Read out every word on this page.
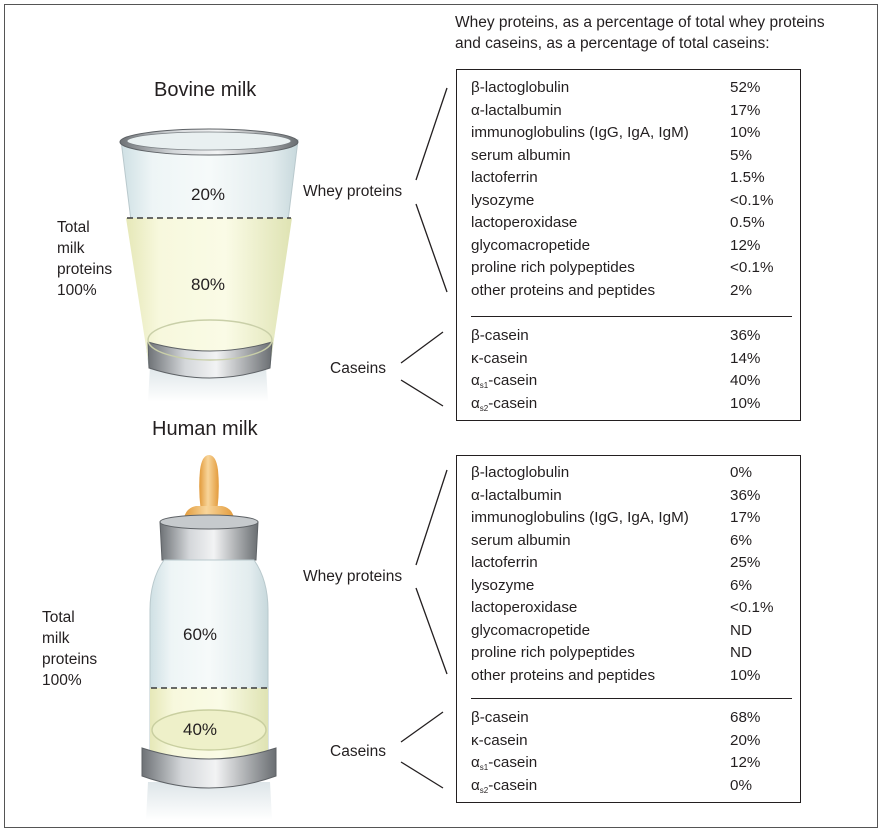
Whey proteins, as a percentage of total whey proteins
and caseins, as a percentage of total caseins:
Bovine milk
Total
milk
proteins
100%
20%
80%
Whey proteins
Caseins
Human milk
Total
milk
proteins
100%
60%
40%
Whey proteins
Caseins
β-lactoglobulin	52%
α-lactalbumin	17%
immunoglobulins (IgG, IgA, IgM)	10%
serum albumin	5%
lactoferrin	1.5%
lysozyme	<0.1%
lactoperoxidase	0.5%
glycomacropetide	12%
proline rich polypeptides	<0.1%
other proteins and peptides	2%
β-casein	36%
κ-casein	14%
$\alpha_{s1}$-casein	40%
$\alpha_{s2}$-casein	10%
β-lactoglobulin	0%
α-lactalbumin	36%
immunoglobulins (IgG, IgA, IgM)	17%
serum albumin	6%
lactoferrin	25%
lysozyme	6%
lactoperoxidase	<0.1%
glycomacropetide	ND
proline rich polypeptides	ND
other proteins and peptides	10%
β-casein	68%
κ-casein	20%
$\alpha_{s1}$-casein	12%
$\alpha_{s2}$-casein	0%
